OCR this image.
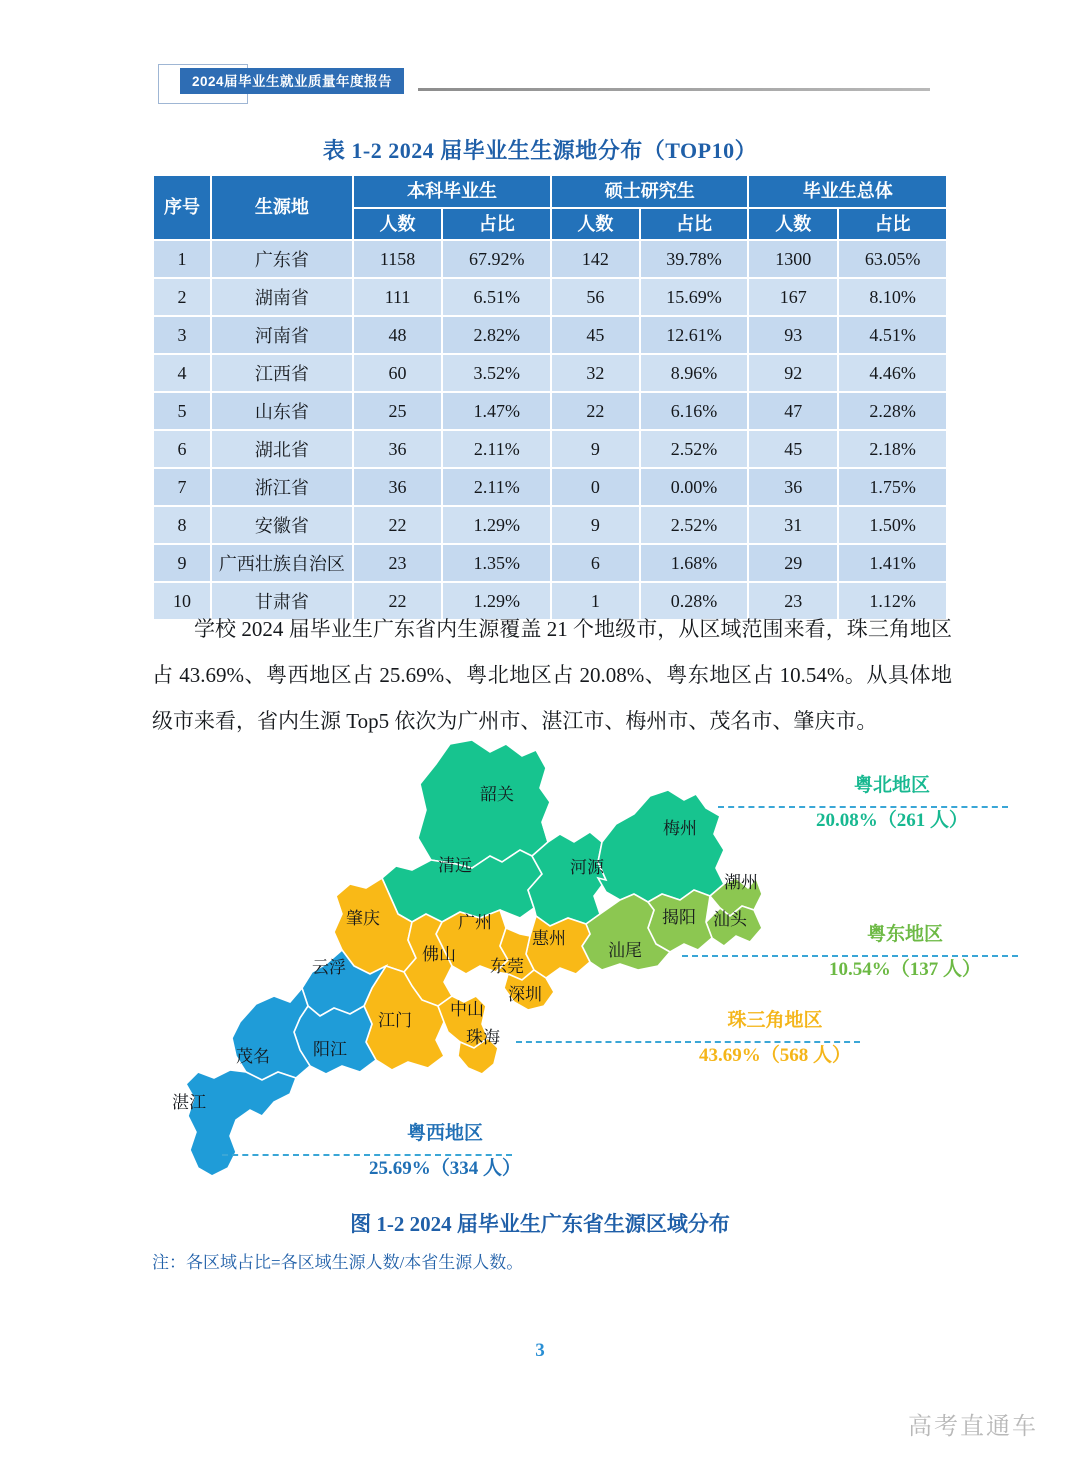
2024届毕业生就业质量年度报告
表 1-2 2024 届毕业生生源地分布（TOP10）
序号	生源地	本科毕业生		硕士研究生		毕业生总体	
		人数	占比	人数	占比	人数	占比
1	广东省	1158	67.92%	142	39.78%	1300	63.05%
2	湖南省	111	6.51%	56	15.69%	167	8.10%
3	河南省	48	2.82%	45	12.61%	93	4.51%
4	江西省	60	3.52%	32	8.96%	92	4.46%
5	山东省	25	1.47%	22	6.16%	47	2.28%
6	湖北省	36	2.11%	9	2.52%	45	2.18%
7	浙江省	36	2.11%	0	0.00%	36	1.75%
8	安徽省	22	1.29%	9	2.52%	31	1.50%
9	广西壮族自治区	23	1.35%	6	1.68%	29	1.41%
10	甘肃省	22	1.29%	1	0.28%	23	1.12%
学校 2024 届毕业生广东省内生源覆盖 21 个地级市，从区域范围来看，珠三角地区占 43.69%、粤西地区占 25.69%、粤北地区占 20.08%、粤东地区占 10.54%。从具体地级市来看，省内生源 Top5 依次为广州市、湛江市、梅州市、茂名市、肇庆市。
韶关
清远	河源
梅州
潮州
揭阳 汕头
汕尾
肇庆	广州
佛山
东莞
惠州
深圳
云浮
江门
中山
珠海
阳江
茂名
湛江
粤北地区
20.08%（261 人）
粤东地区
10.54%（137 人）
珠三角地区
43.69%（568 人）
粤西地区
25.69%（334 人）
图 1-2 2024 届毕业生广东省生源区域分布
注：各区域占比=各区域生源人数/本省生源人数。
3
高考直通车
